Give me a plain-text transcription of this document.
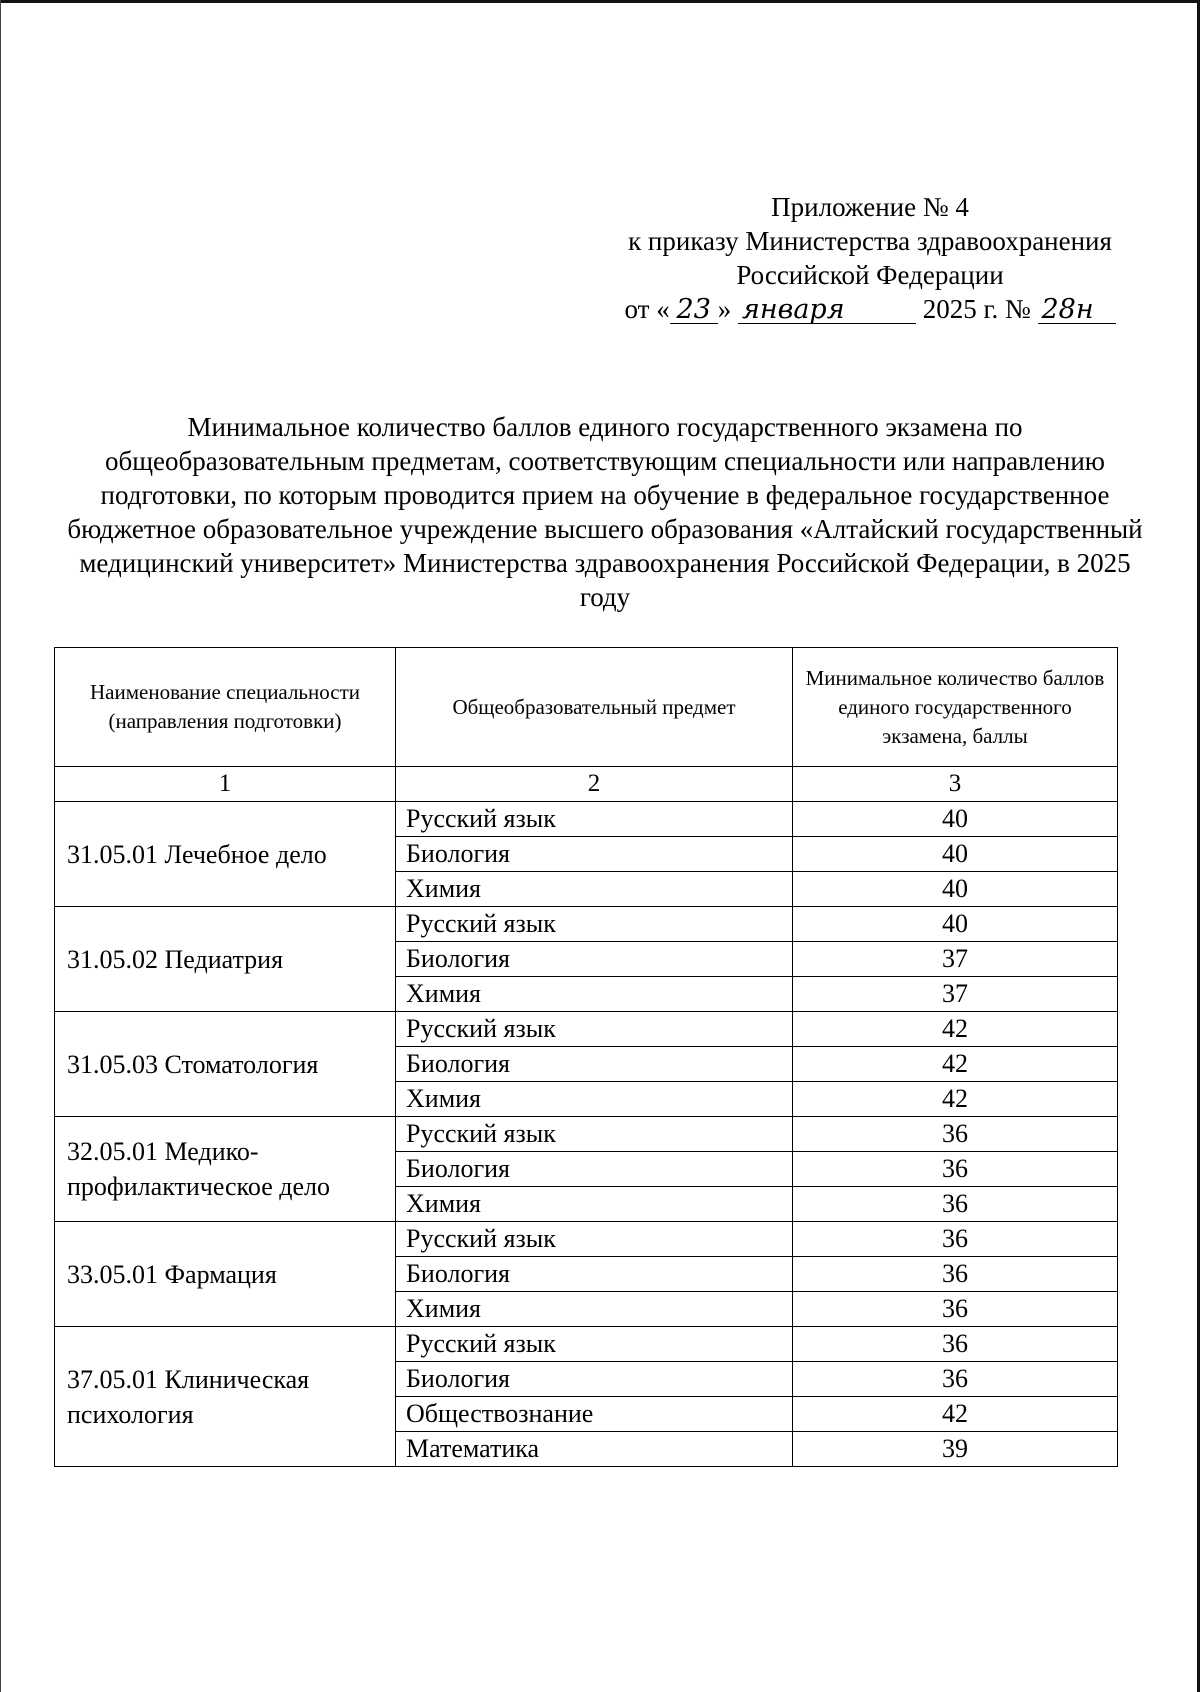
Приложение № 4
к приказу Министерства здравоохранения
Российской Федерации
от « 23 » января	2025 г. № 28н
Минимальное количество баллов единого государственного экзамена по общеобразовательным предметам, соответствующим специальности или направлению подготовки, по которым проводится прием на обучение в федеральное государственное бюджетное образовательное учреждение высшего образования «Алтайский государственный медицинский университет» Министерства здравоохранения Российской Федерации, в 2025 году
Наименование специальности (направления подготовки)	Общеобразовательный предмет	Минимальное количество баллов единого государственного экзамена, баллы
1	2	3
31.05.01 Лечебное дело	Русский язык	40
	Биология	40
	Химия	40
31.05.02 Педиатрия	Русский язык	40
	Биология	37
	Химия	37
31.05.03 Стоматология	Русский язык	42
	Биология	42
	Химия	42
32.05.01 Медико-профилактическое дело	Русский язык	36
	Биология	36
	Химия	36
33.05.01 Фармация	Русский язык	36
	Биология	36
	Химия	36
37.05.01 Клиническая психология	Русский язык	36
	Биология	36
	Обществознание	42
	Математика	39
